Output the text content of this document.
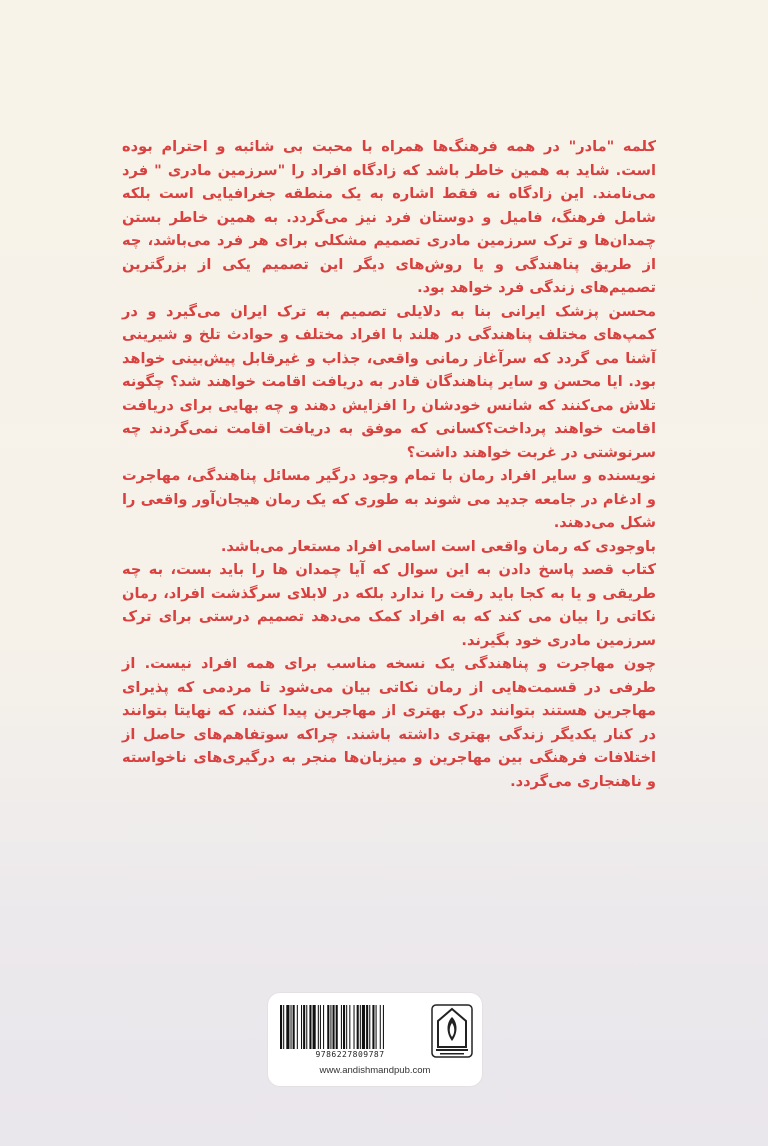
کلمه "مادر" در همه فرهنگ‌ها همراه با محبت بی شائبه و احترام بوده است. شاید به همین خاطر باشد که زادگاه افراد را "سرزمین مادری " فرد می‌نامند. این زادگاه نه فقط اشاره به یک منطقه جغرافیایی است بلکه شامل فرهنگ، فامیل و دوستان فرد نیز می‌گردد. به همین خاطر بستن چمدان‌ها و ترک سرزمین مادری تصمیم مشکلی برای هر فرد می‌باشد، چه از طریق پناهندگی و یا روش‌های دیگر این تصمیم یکی از بزرگترین تصمیم‌های زندگی فرد خواهد بود.

محسن پزشک ایرانی بنا به دلایلی تصمیم به ترک ایران می‌گیرد و در کمپ‌های مختلف پناهندگی در هلند با افراد مختلف و حوادث تلخ و شیرینی آشنا می گردد که سرآغاز رمانی واقعی، جذاب و غیرقابل پیش‌بینی خواهد بود. ایا محسن و سایر پناهندگان قادر به دریافت اقامت خواهند شد؟ چگونه تلاش می‌کنند که شانس خودشان را افزایش دهند و چه بهایی برای دریافت اقامت خواهند پرداخت؟کسانی که موفق به دریافت اقامت نمی‌گردند چه سرنوشتی در غربت خواهند داشت؟

نویسنده و سایر افراد رمان با تمام وجود درگیر مسائل پناهندگی، مهاجرت و ادغام در جامعه جدید می شوند به طوری که یک رمان هیجان‌آور واقعی را شکل می‌دهند.

باوجودی که رمان واقعی است اسامی افراد مستعار می‌باشد.

کتاب قصد پاسخ دادن به این سوال که آیا چمدان ها را باید بست، به چه طریقی و یا به کجا باید رفت را ندارد بلکه در لابلای سرگذشت افراد، رمان نکاتی را بیان می کند که به افراد کمک می‌دهد تصمیم درستی برای ترک سرزمین مادری خود بگیرند.

چون مهاجرت و پناهندگی یک نسخه مناسب برای همه افراد نیست. از طرفی در قسمت‌هایی از رمان نکاتی بیان می‌شود تا مردمی که پذیرای مهاجرین هستند بتوانند درک بهتری از مهاجرین پیدا کنند، که نهایتا بتوانند در کنار یکدیگر زندگی بهتری داشته باشند. چراکه سوتفاهم‌های حاصل از اختلافات فرهنگی بین مهاجرین و میزبان‌ها منجر به درگیری‌های ناخواسته و ناهنجاری می‌گردد.

9786227809787
www.andishmandpub.com
